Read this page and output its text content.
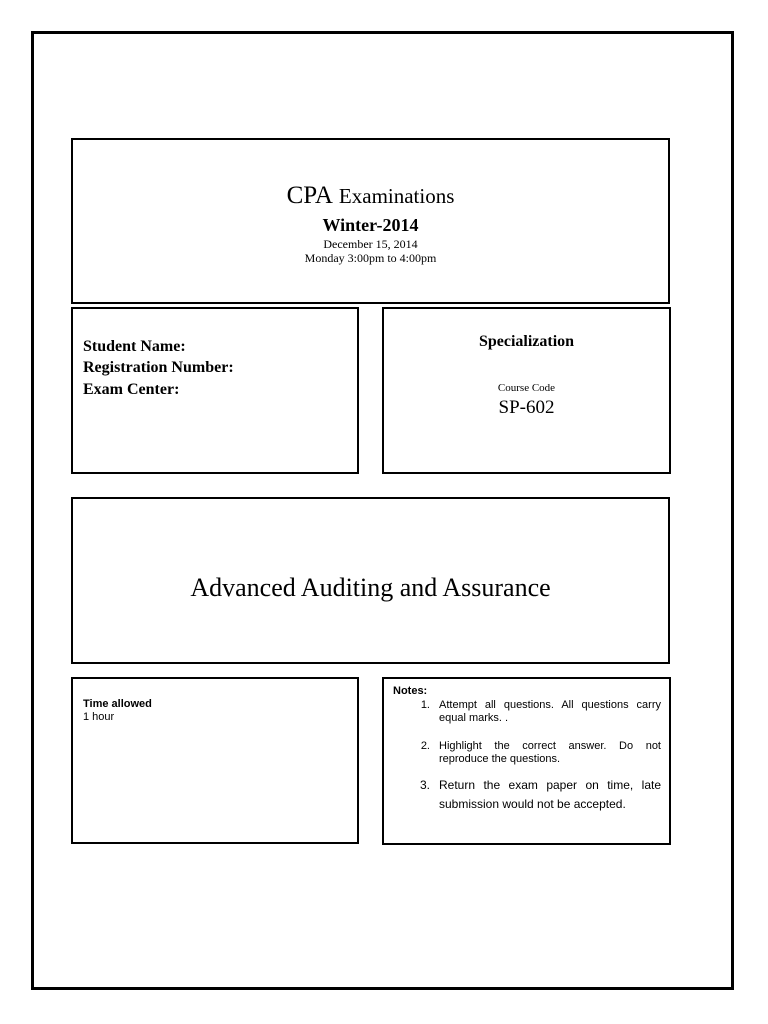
CPA Examinations
Winter-2014
December 15, 2014
Monday 3:00pm to 4:00pm
Student Name:
Registration Number:
Exam Center:
Specialization
Course Code
SP-602
Advanced Auditing and Assurance
Time allowed
1 hour
Notes:
1. Attempt all questions. All questions carry equal marks. .
2. Highlight the correct answer. Do not reproduce the questions.
3. Return the exam paper on time, late submission would not be accepted.
